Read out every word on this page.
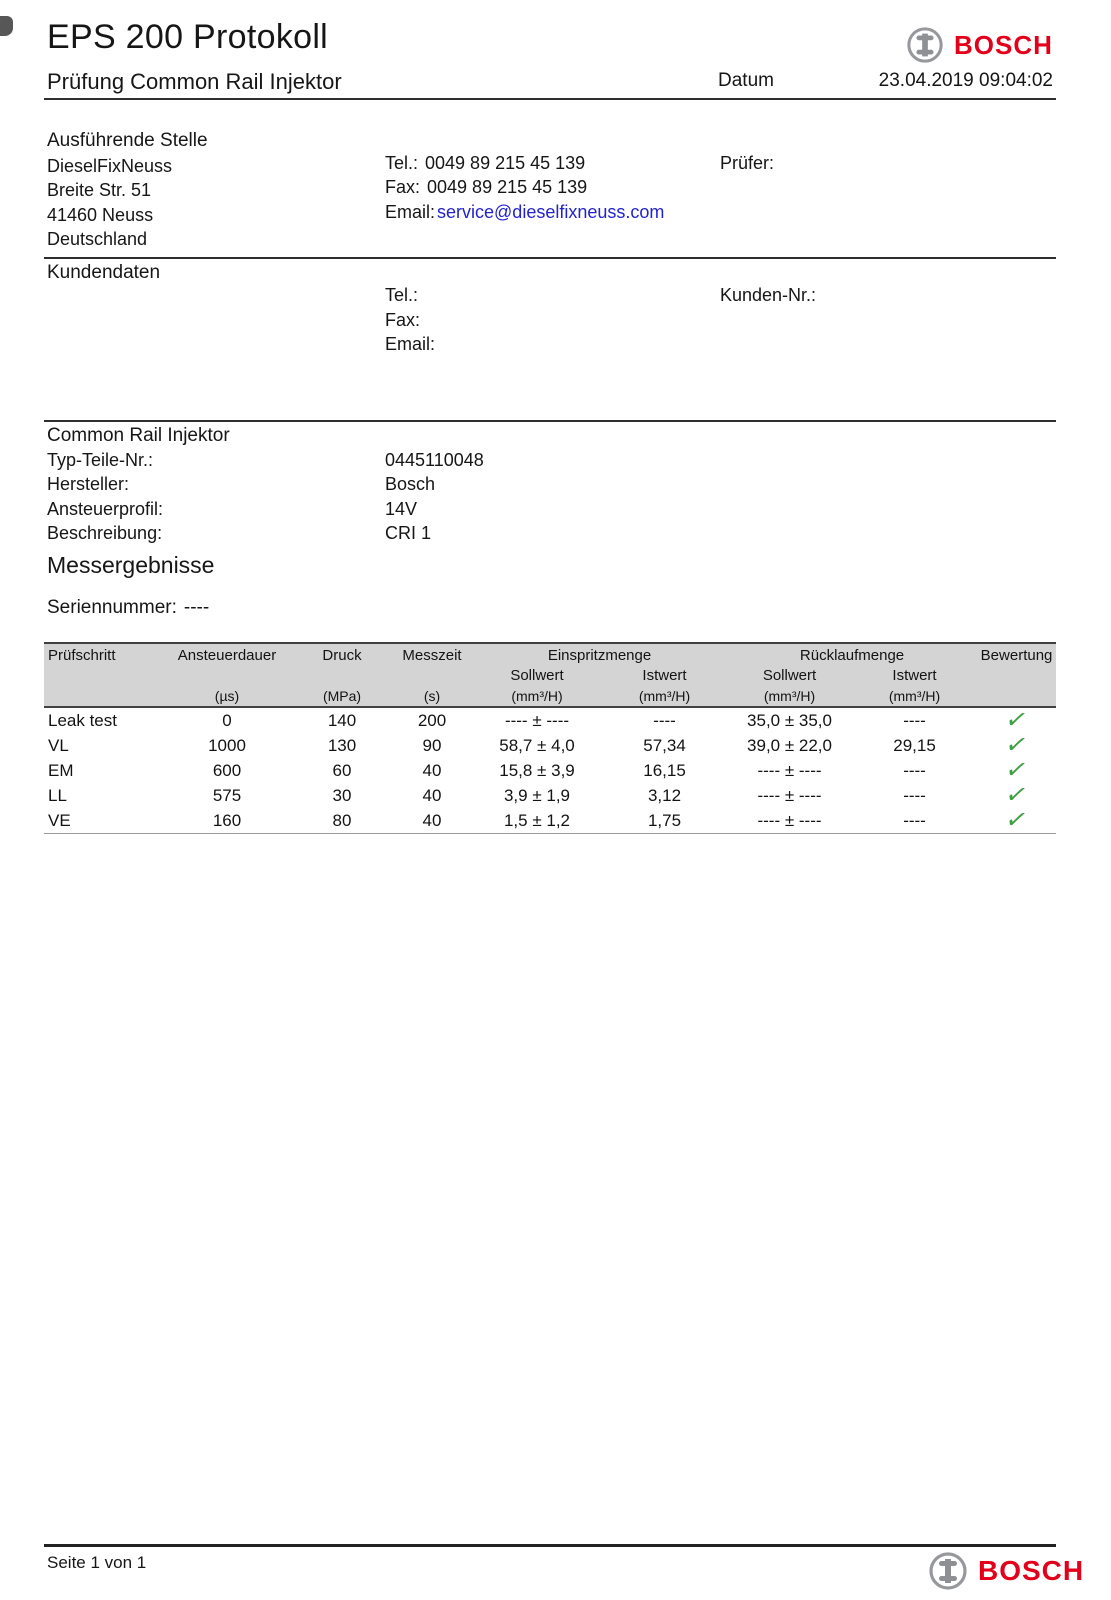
EPS 200 Protokoll
Prüfung Common Rail Injektor	Datum	23.04.2019 09:04:02
BOSCH
Ausführende Stelle
DieselFixNeuss
Breite Str. 51
41460 Neuss
Deutschland
Tel.: 0049 89 215 45 139
Fax: 0049 89 215 45 139
Email: service@dieselfixneuss.com
Prüfer:
Kundendaten
Tel.:
Fax:
Email:
Kunden-Nr.:
Common Rail Injektor
Typ-Teile-Nr.:	0445110048
Hersteller:	Bosch
Ansteuerprofil:	14V
Beschreibung:	CRI 1
Messergebnisse
Seriennummer: ----
Prüfschritt	Ansteuerdauer	Druck	Messzeit	Einspritzmenge		Rücklaufmenge		Bewertung
				Sollwert	Istwert	Sollwert	Istwert	
	(µs)	(MPa)	(s)	(mm³/H)	(mm³/H)	(mm³/H)	(mm³/H)	
Leak test	0	140	200	---- ± ----	----	35,0 ± 35,0	----	✓
VL	1000	130	90	58,7 ± 4,0	57,34	39,0 ± 22,0	29,15	✓
EM	600	60	40	15,8 ± 3,9	16,15	---- ± ----	----	✓
LL	575	30	40	3,9 ± 1,9	3,12	---- ± ----	----	✓
VE	160	80	40	1,5 ± 1,2	1,75	---- ± ----	----	✓
Seite 1 von 1	BOSCH
